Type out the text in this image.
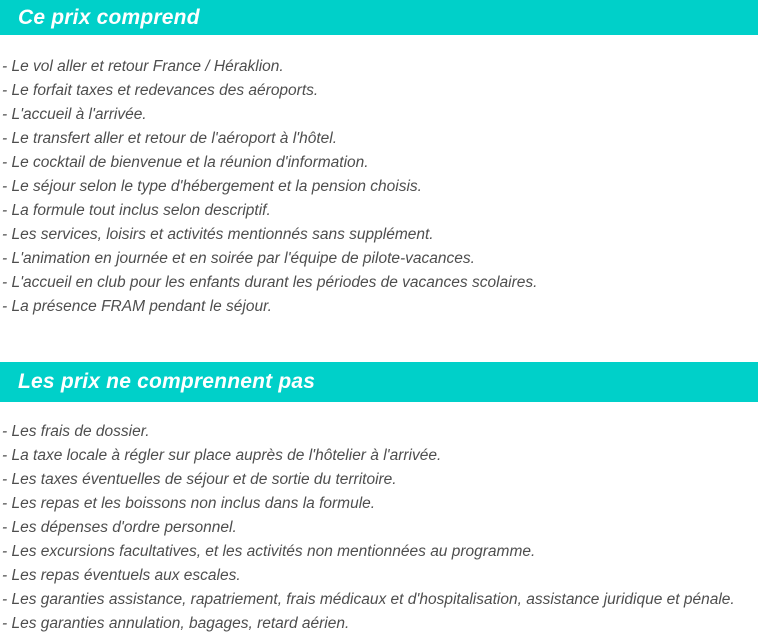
Ce prix comprend
- Le vol aller et retour France / Héraklion.
- Le forfait taxes et redevances des aéroports.
- L'accueil à l'arrivée.
- Le transfert aller et retour de l'aéroport à l'hôtel.
- Le cocktail de bienvenue et la réunion d'information.
- Le séjour selon le type d'hébergement et la pension choisis.
- La formule tout inclus selon descriptif.
- Les services, loisirs et activités mentionnés sans supplément.
- L'animation en journée et en soirée par l'équipe de pilote-vacances.
- L'accueil en club pour les enfants durant les périodes de vacances scolaires.
- La présence FRAM pendant le séjour.
Les prix ne comprennent pas
- Les frais de dossier.
- La taxe locale à régler sur place auprès de l'hôtelier à l'arrivée.
- Les taxes éventuelles de séjour et de sortie du territoire.
- Les repas et les boissons non inclus dans la formule.
- Les dépenses d'ordre personnel.
- Les excursions facultatives, et les activités non mentionnées au programme.
- Les repas éventuels aux escales.
- Les garanties assistance, rapatriement, frais médicaux et d'hospitalisation, assistance juridique et pénale.
- Les garanties annulation, bagages, retard aérien.
